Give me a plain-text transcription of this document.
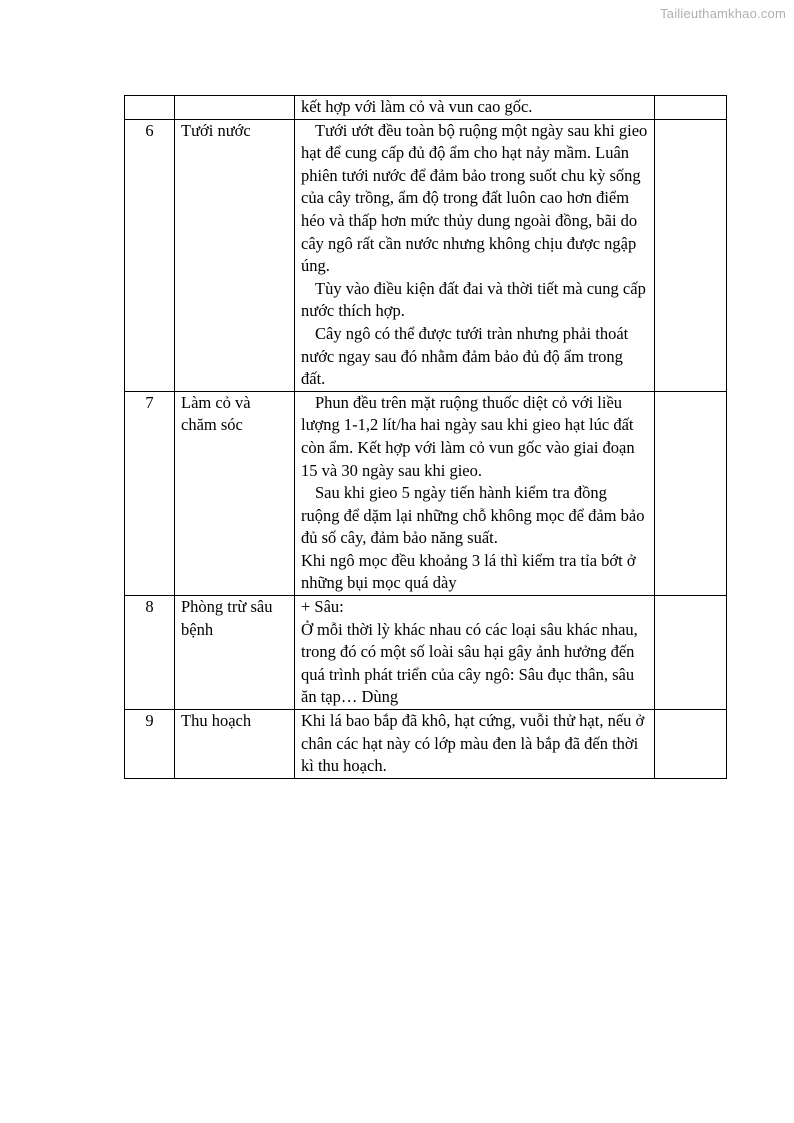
Tailieuthamkhao.com

		kết hợp với làm cỏ và vun cao gốc.	

6	Tưới nước	Tưới ướt đều toàn bộ ruộng một ngày sau khi gieo hạt để cung cấp đủ độ ẩm cho hạt nảy mầm. Luân phiên tưới nước để đảm bảo trong suốt chu kỳ sống của cây trồng, ẩm độ trong đất luôn cao hơn điểm héo và thấp hơn mức thủy dung ngoài đồng, bãi do cây ngô rất cần nước nhưng không chịu được ngập úng.

Tùy vào điều kiện đất đai và thời tiết mà cung cấp nước thích hợp.

Cây ngô có thể được tưới tràn nhưng phải thoát nước ngay sau đó nhằm đảm bảo đủ độ ẩm trong đất.	

7	Làm cỏ và chăm sóc	Phun đều trên mặt ruộng thuốc diệt cỏ với liều lượng 1-1,2 lít/ha hai ngày sau khi gieo hạt lúc đất còn ẩm. Kết hợp với làm cỏ vun gốc vào giai đoạn 15 và 30 ngày sau khi gieo.

Sau khi gieo 5 ngày tiến hành kiểm tra đồng ruộng để dặm lại những chỗ không mọc để đảm bảo đủ số cây, đảm bảo năng suất.

Khi ngô mọc đều khoảng 3 lá thì kiểm tra tỉa bớt ở những bụi mọc quá dày	

8	Phòng trừ sâu bệnh	+ Sâu:

Ở mỗi thời lỳ khác nhau có các loại sâu khác nhau, trong đó có một số loài sâu hại gây ảnh hưởng đến quá trình phát triển của cây ngô: Sâu đục thân, sâu ăn tạp… Dùng	

9	Thu hoạch	Khi lá bao bắp đã khô, hạt cứng, vuỗi thử hạt, nếu ở chân các hạt này có lớp màu đen là bắp đã đến thời kì thu hoạch.	
